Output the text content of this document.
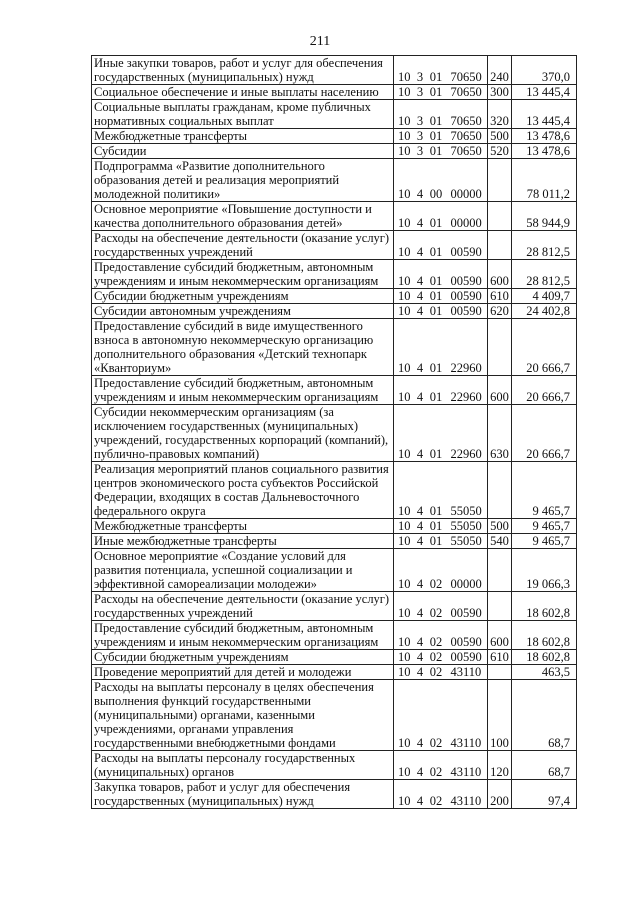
211
Иные закупки товаров, работ и услуг для обеспечения государственных (муниципальных) нужд	10	3	01	70650	240	370,0
Социальное обеспечение и иные выплаты населению	10	3	01	70650	300	13 445,4
Социальные выплаты гражданам, кроме публичных нормативных социальных выплат	10	3	01	70650	320	13 445,4
Межбюджетные трансферты	10	3	01	70650	500	13 478,6
Субсидии	10	3	01	70650	520	13 478,6
Подпрограмма «Развитие дополнительного образования детей и реализация мероприятий молодежной политики»	10	4	00	00000		78 011,2
Основное мероприятие «Повышение доступности и качества дополнительного образования детей»	10	4	01	00000		58 944,9
Расходы на обеспечение деятельности (оказание услуг) государственных учреждений	10	4	01	00590		28 812,5
Предоставление субсидий бюджетным, автономным учреждениям и иным некоммерческим организациям	10	4	01	00590	600	28 812,5
Субсидии бюджетным учреждениям	10	4	01	00590	610	4 409,7
Субсидии автономным учреждениям	10	4	01	00590	620	24 402,8
Предоставление субсидий в виде имущественного взноса в автономную некоммерческую организацию дополнительного образования «Детский технопарк «Кванториум»	10	4	01	22960		20 666,7
Предоставление субсидий бюджетным, автономным учреждениям и иным некоммерческим организациям	10	4	01	22960	600	20 666,7
Субсидии некоммерческим организациям (за исключением государственных (муниципальных) учреждений, государственных корпораций (компаний), публично-правовых компаний)	10	4	01	22960	630	20 666,7
Реализация мероприятий планов социального развития центров экономического роста субъектов Российской Федерации, входящих в состав Дальневосточного федерального округа	10	4	01	55050		9 465,7
Межбюджетные трансферты	10	4	01	55050	500	9 465,7
Иные межбюджетные трансферты	10	4	01	55050	540	9 465,7
Основное мероприятие «Создание условий для развития потенциала, успешной социализации и эффективной самореализации молодежи»	10	4	02	00000		19 066,3
Расходы на обеспечение деятельности (оказание услуг) государственных учреждений	10	4	02	00590		18 602,8
Предоставление субсидий бюджетным, автономным учреждениям и иным некоммерческим организациям	10	4	02	00590	600	18 602,8
Субсидии бюджетным учреждениям	10	4	02	00590	610	18 602,8
Проведение мероприятий для детей и молодежи	10	4	02	43110		463,5
Расходы на выплаты персоналу в целях обеспечения выполнения функций государственными (муниципальными) органами, казенными учреждениями, органами управления государственными внебюджетными фондами	10	4	02	43110	100	68,7
Расходы на выплаты персоналу государственных (муниципальных) органов	10	4	02	43110	120	68,7
Закупка товаров, работ и услуг для обеспечения государственных (муниципальных) нужд	10	4	02	43110	200	97,4
